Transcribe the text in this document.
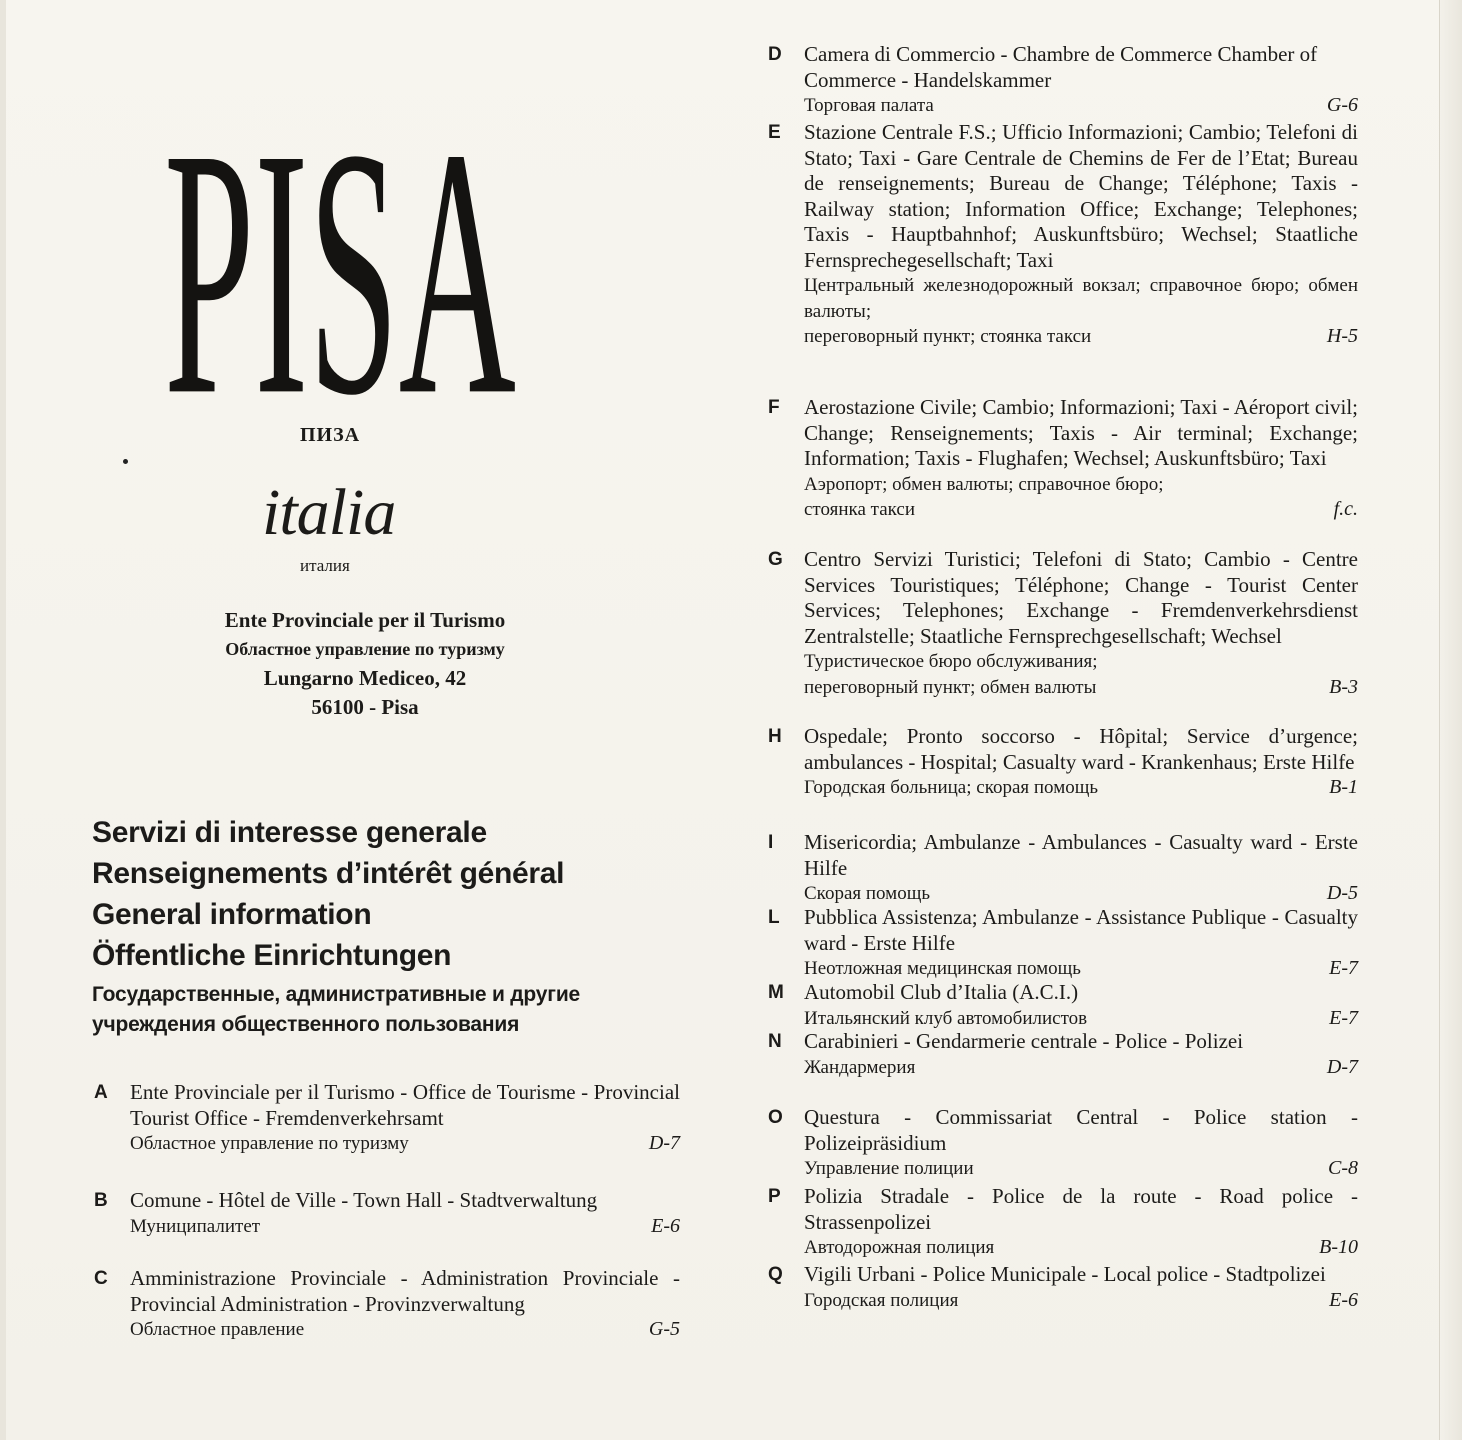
PISA
ПИЗА
italia
италия
Ente Provinciale per il Turismo
Областное управление по туризму
Lungarno Mediceo, 42
56100 - Pisa
Servizi di interesse generale
Renseignements d’intérêt général
General information
Öffentliche Einrichtungen
Государственные, административные и другие
учреждения общественного пользования
A Ente Provinciale per il Turismo - Office de Tourisme - Provincial Tourist Office - Fremdenverkehrsamt
Областное управление по туризму	D-7
B Comune - Hôtel de Ville - Town Hall - Stadtverwaltung
Муниципалитет	E-6
C Amministrazione Provinciale - Administration Provinciale - Provincial Administration - Provinzverwaltung
Областное правление	G-5
D Camera di Commercio - Chambre de Commerce Chamber of Commerce - Handelskammer
Торговая палата	G-6
E Stazione Centrale F.S.; Ufficio Informazioni; Cambio; Telefoni di Stato; Taxi - Gare Centrale de Chemins de Fer de l’Etat; Bureau de renseignements; Bureau de Change; Téléphone; Taxis - Railway station; Information Office; Exchange; Telephones; Taxis - Hauptbahnhof; Auskunftsbüro; Wechsel; Staatliche Fernsprechegesellschaft; Taxi
Центральный железнодорожный вокзал; справочное бюро; обмен валюты;
переговорный пункт; стоянка такси	H-5
F Aerostazione Civile; Cambio; Informazioni; Taxi - Aéroport civil; Change; Renseignements; Taxis - Air terminal; Exchange; Information; Taxis - Flughafen; Wechsel; Auskunftsbüro; Taxi
Аэропорт; обмен валюты; справочное бюро;
стоянка такси	f.c.
G Centro Servizi Turistici; Telefoni di Stato; Cambio - Centre Services Touristiques; Téléphone; Change - Tourist Center Services; Telephones; Exchange - Fremdenverkehrsdienst Zentralstelle; Staatliche Fernsprechgesellschaft; Wechsel
Туристическое бюро обслуживания;
переговорный пункт; обмен валюты	B-3
H Ospedale; Pronto soccorso - Hôpital; Service d’urgence; ambulances - Hospital; Casualty ward - Krankenhaus; Erste Hilfe
Городская больница; скорая помощь	B-1
I Misericordia; Ambulanze - Ambulances - Casualty ward - Erste Hilfe
Скорая помощь	D-5
L Pubblica Assistenza; Ambulanze - Assistance Publique - Casualty ward - Erste Hilfe
Неотложная медицинская помощь	E-7
M Automobil Club d’Italia (A.C.I.)
Итальянский клуб автомобилистов	E-7
N Carabinieri - Gendarmerie centrale - Police - Polizei
Жандармерия	D-7
O Questura - Commissariat Central - Police station - Polizeipräsidium
Управление полиции	C-8
P Polizia Stradale - Police de la route - Road police - Strassenpolizei
Автодорожная полиция	B-10
Q Vigili Urbani - Police Municipale - Local police - Stadtpolizei
Городская полиция	E-6
